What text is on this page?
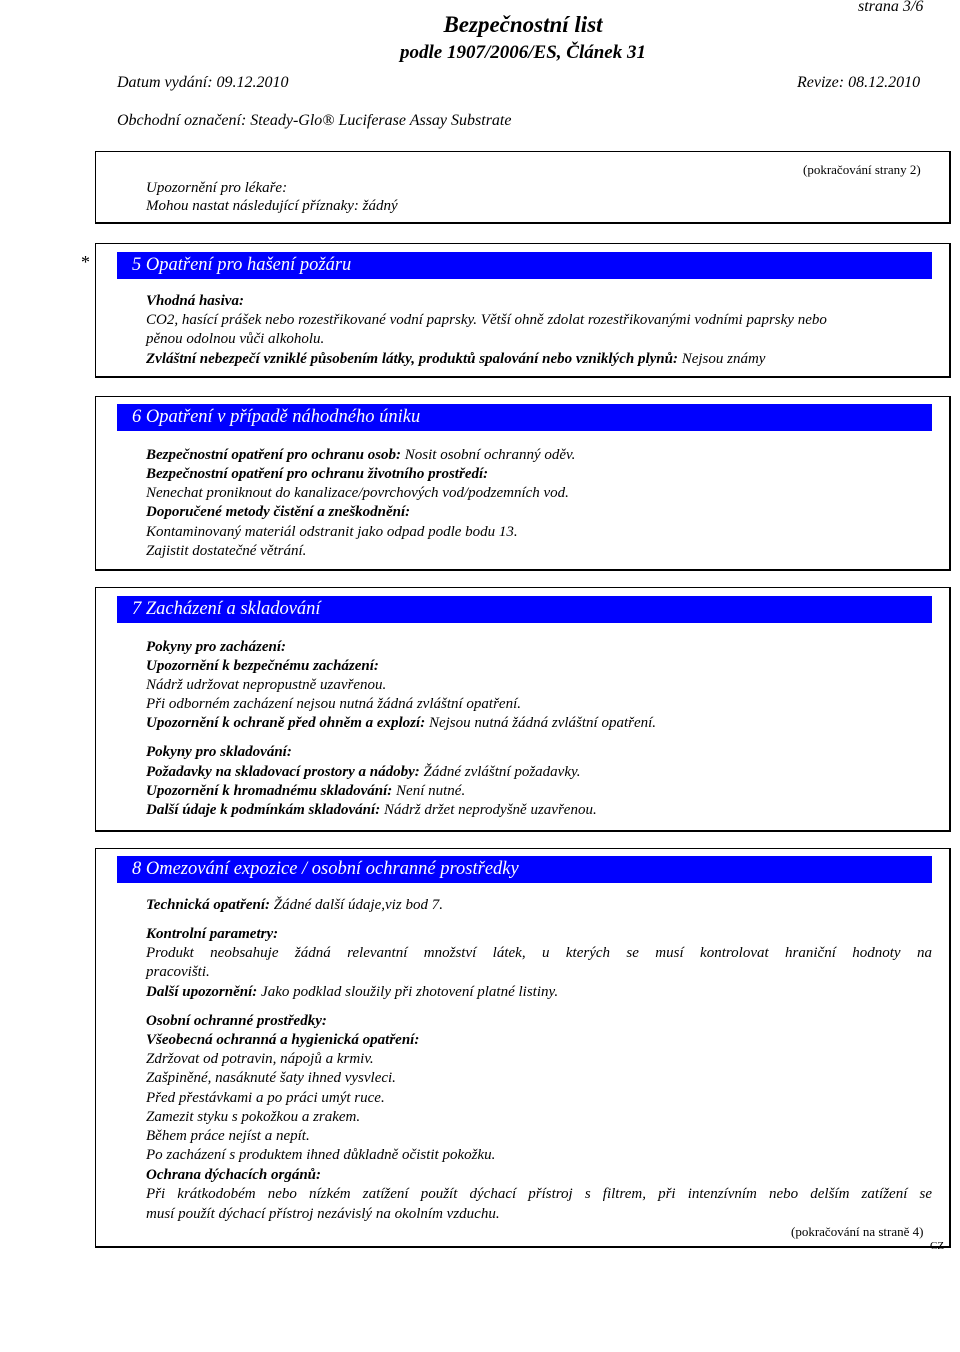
strana 3/6
Bezpečnostní list
podle 1907/2006/ES, Článek 31
Datum vydání: 09.12.2010	Revize: 08.12.2010
Obchodní označení: Steady-Glo® Luciferase Assay Substrate
(pokračování strany 2)
Upozornění pro lékaře:
Mohou nastat následující příznaky: žádný
*	5 Opatření pro hašení požáru
Vhodná hasiva:
CO2, hasící prášek nebo rozestřikované vodní paprsky. Větší ohně zdolat rozestřikovanými vodními paprsky nebo
pěnou odolnou vůči alkoholu.
Zvláštní nebezpečí vzniklé působením látky, produktů spalování nebo vzniklých plynů: Nejsou známy
6 Opatření v případě náhodného úniku
Bezpečnostní opatření pro ochranu osob: Nosit osobní ochranný oděv.
Bezpečnostní opatření pro ochranu životního prostředí:
Nenechat proniknout do kanalizace/povrchových vod/podzemních vod.
Doporučené metody čistění a zneškodnění:
Kontaminovaný materiál odstranit jako odpad podle bodu 13.
Zajistit dostatečné větrání.
7 Zacházení a skladování
Pokyny pro zacházení:
Upozornění k bezpečnému zacházení:
Nádrž udržovat nepropustně uzavřenou.
Při odborném zacházení nejsou nutná žádná zvláštní opatření.
Upozornění k ochraně před ohněm a explozí: Nejsou nutná žádná zvláštní opatření.
Pokyny pro skladování:
Požadavky na skladovací prostory a nádoby: Žádné zvláštní požadavky.
Upozornění k hromadnému skladování: Není nutné.
Další údaje k podmínkám skladování: Nádrž držet neprodyšně uzavřenou.
8 Omezování expozice / osobní ochranné prostředky
Technická opatření: Žádné další údaje,viz bod 7.
Kontrolní parametry:
Produkt neobsahuje žádná relevantní množství látek, u kterých se musí kontrolovat hraniční hodnoty na
pracovišti.
Další upozornění: Jako podklad sloužily při zhotovení platné listiny.
Osobní ochranné prostředky:
Všeobecná ochranná a hygienická opatření:
Zdržovat od potravin, nápojů a krmiv.
Zašpiněné, nasáknuté šaty ihned vysvleci.
Před přestávkami a po práci umýt ruce.
Zamezit styku s pokožkou a zrakem.
Během práce nejíst a nepít.
Po zacházení s produktem ihned důkladně očistit pokožku.
Ochrana dýchacích orgánů:
Při krátkodobém nebo nízkém zatížení použít dýchací přístroj s filtrem, při intenzívním nebo delším zatížení se
musí použít dýchací přístroj nezávislý na okolním vzduchu.
(pokračování na straně 4)
CZ
